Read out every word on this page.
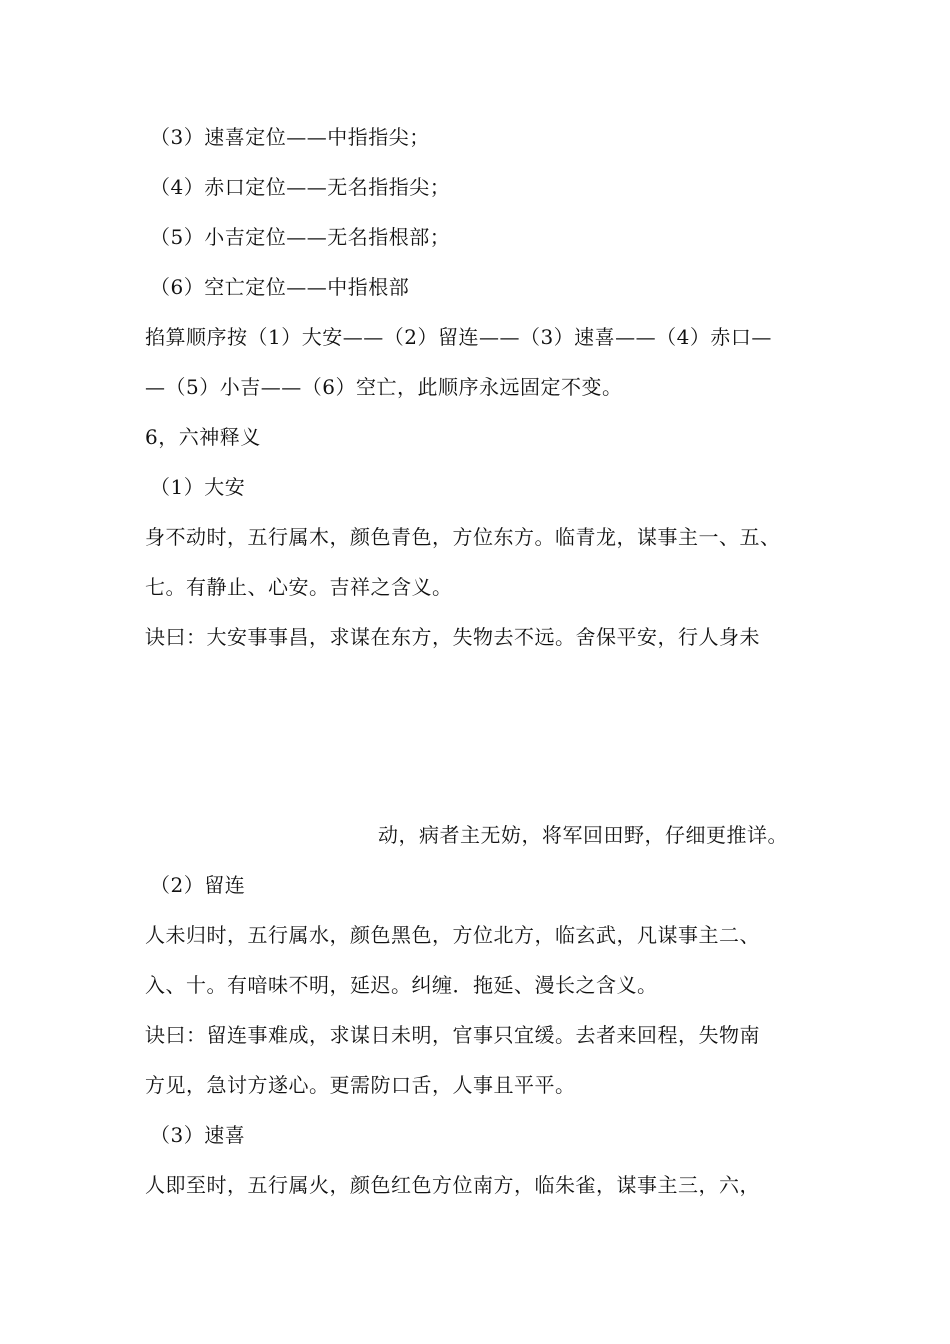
（3）速喜定位——中指指尖；
（4）赤口定位——无名指指尖；
（5）小吉定位——无名指根部；
（6）空亡定位——中指根部
掐算顺序按（1）大安——（2）留连——（3）速喜——（4）赤口—
—（5）小吉——（6）空亡，此顺序永远固定不变。
6，六神释义
（1）大安
身不动时，五行属木，颜色青色，方位东方。临青龙，谋事主一、五、
七。有静止、心安。吉祥之含义。
诀曰：大安事事昌，求谋在东方，失物去不远。舍保平安，行人身未
动，病者主无妨，将军回田野，仔细更推详。
（2）留连
人未归时，五行属水，颜色黑色，方位北方，临玄武，凡谋事主二、
入、十。有喑味不明，延迟。纠缠．拖延、漫长之含义。
诀曰：留连事难成，求谋日未明，官事只宜缓。去者来回程，失物南
方见，急讨方遂心。更需防口舌，人事且平平。
（3）速喜
人即至时，五行属火，颜色红色方位南方，临朱雀，谋事主三，六，
